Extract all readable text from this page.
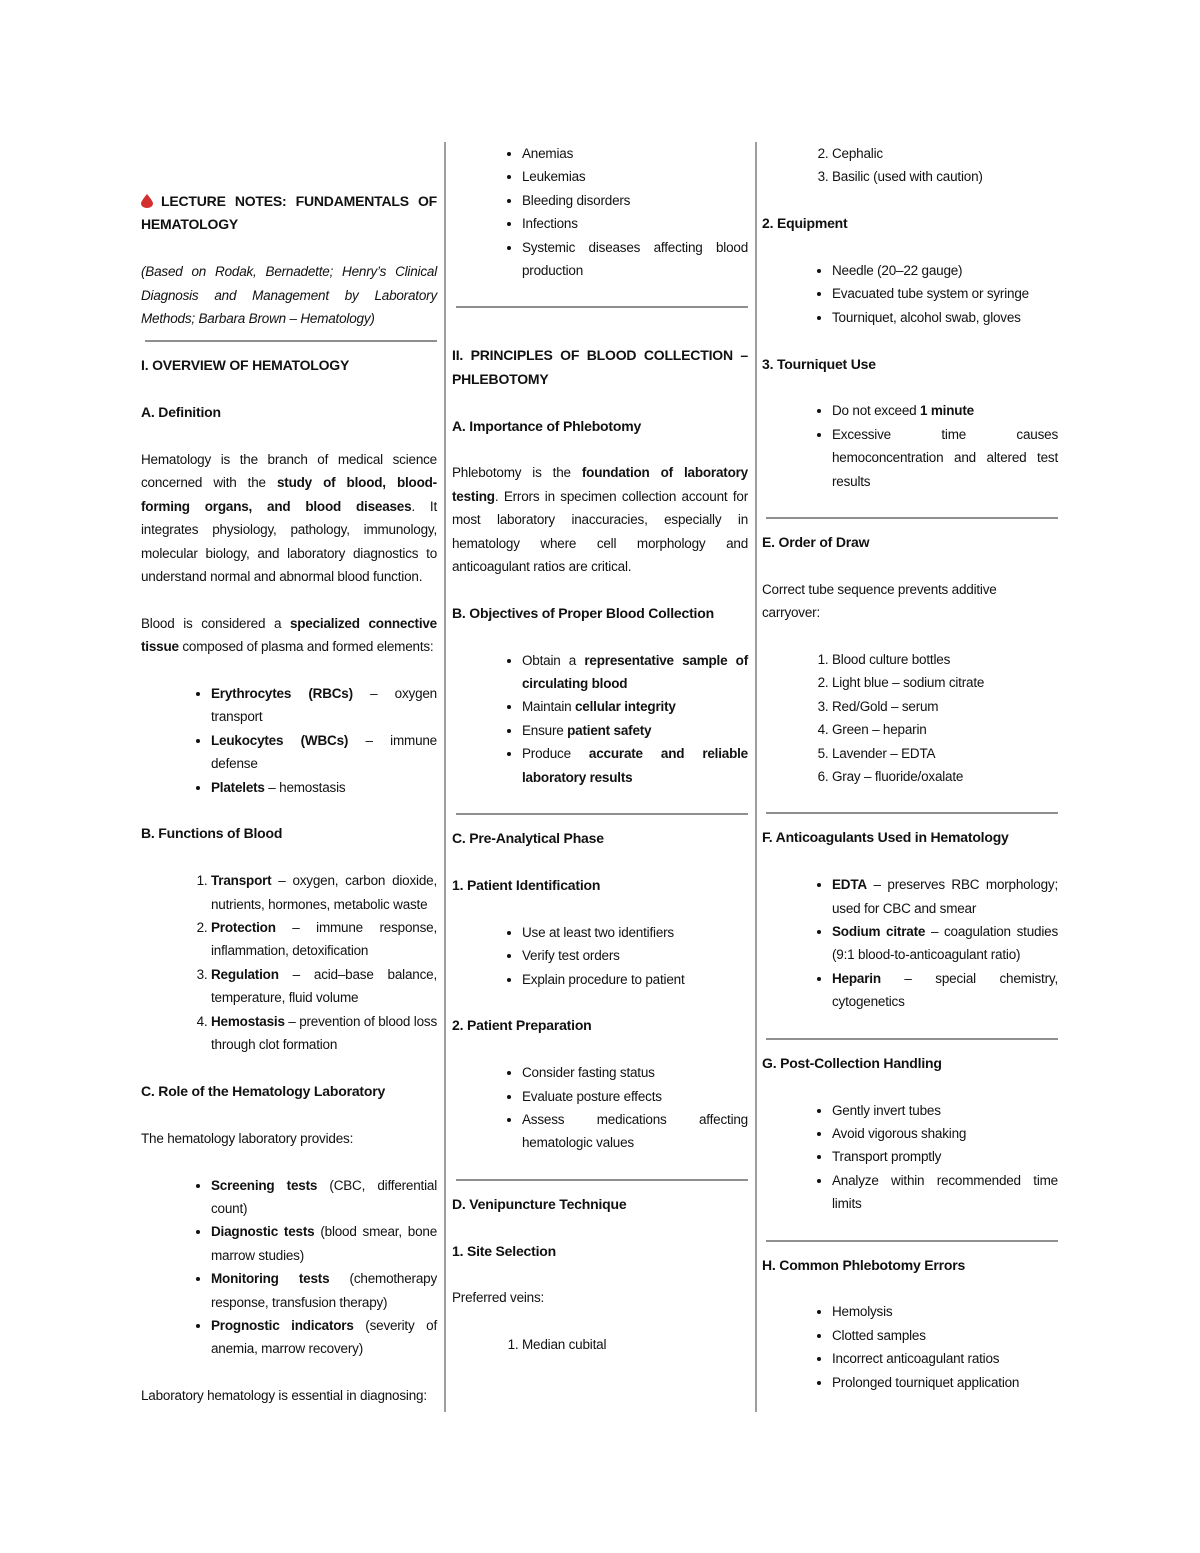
LECTURE NOTES: FUNDAMENTALS OF HEMATOLOGY

(Based on Rodak, Bernadette; Henry’s Clinical Diagnosis and Management by Laboratory Methods; Barbara Brown – Hematology)

I. OVERVIEW OF HEMATOLOGY

A. Definition

Hematology is the branch of medical science concerned with the study of blood, blood-forming organs, and blood diseases. It integrates physiology, pathology, immunology, molecular biology, and laboratory diagnostics to understand normal and abnormal blood function.

Blood is considered a specialized connective tissue composed of plasma and formed elements:

• Erythrocytes (RBCs) – oxygen transport
• Leukocytes (WBCs) – immune defense
• Platelets – hemostasis

B. Functions of Blood

1. Transport – oxygen, carbon dioxide, nutrients, hormones, metabolic waste
2. Protection – immune response, inflammation, detoxification
3. Regulation – acid–base balance, temperature, fluid volume
4. Hemostasis – prevention of blood loss through clot formation

C. Role of the Hematology Laboratory

The hematology laboratory provides:

• Screening tests (CBC, differential count)
• Diagnostic tests (blood smear, bone marrow studies)
• Monitoring tests (chemotherapy response, transfusion therapy)
• Prognostic indicators (severity of anemia, marrow recovery)

Laboratory hematology is essential in diagnosing:

• Anemias
• Leukemias
• Bleeding disorders
• Infections
• Systemic diseases affecting blood production

II. PRINCIPLES OF BLOOD COLLECTION – PHLEBOTOMY

A. Importance of Phlebotomy

Phlebotomy is the foundation of laboratory testing. Errors in specimen collection account for most laboratory inaccuracies, especially in hematology where cell morphology and anticoagulant ratios are critical.

B. Objectives of Proper Blood Collection

• Obtain a representative sample of circulating blood
• Maintain cellular integrity
• Ensure patient safety
• Produce accurate and reliable laboratory results

C. Pre-Analytical Phase

1. Patient Identification

• Use at least two identifiers
• Verify test orders
• Explain procedure to patient

2. Patient Preparation

• Consider fasting status
• Evaluate posture effects
• Assess medications affecting hematologic values

D. Venipuncture Technique

1. Site Selection

Preferred veins:

1. Median cubital
2. Cephalic
3. Basilic (used with caution)

2. Equipment

• Needle (20–22 gauge)
• Evacuated tube system or syringe
• Tourniquet, alcohol swab, gloves

3. Tourniquet Use

• Do not exceed 1 minute
• Excessive time causes hemoconcentration and altered test results

E. Order of Draw

Correct tube sequence prevents additive carryover:

1. Blood culture bottles
2. Light blue – sodium citrate
3. Red/Gold – serum
4. Green – heparin
5. Lavender – EDTA
6. Gray – fluoride/oxalate

F. Anticoagulants Used in Hematology

• EDTA – preserves RBC morphology; used for CBC and smear
• Sodium citrate – coagulation studies (9:1 blood-to-anticoagulant ratio)
• Heparin – special chemistry, cytogenetics

G. Post-Collection Handling

• Gently invert tubes
• Avoid vigorous shaking
• Transport promptly
• Analyze within recommended time limits

H. Common Phlebotomy Errors

• Hemolysis
• Clotted samples
• Incorrect anticoagulant ratios
• Prolonged tourniquet application
